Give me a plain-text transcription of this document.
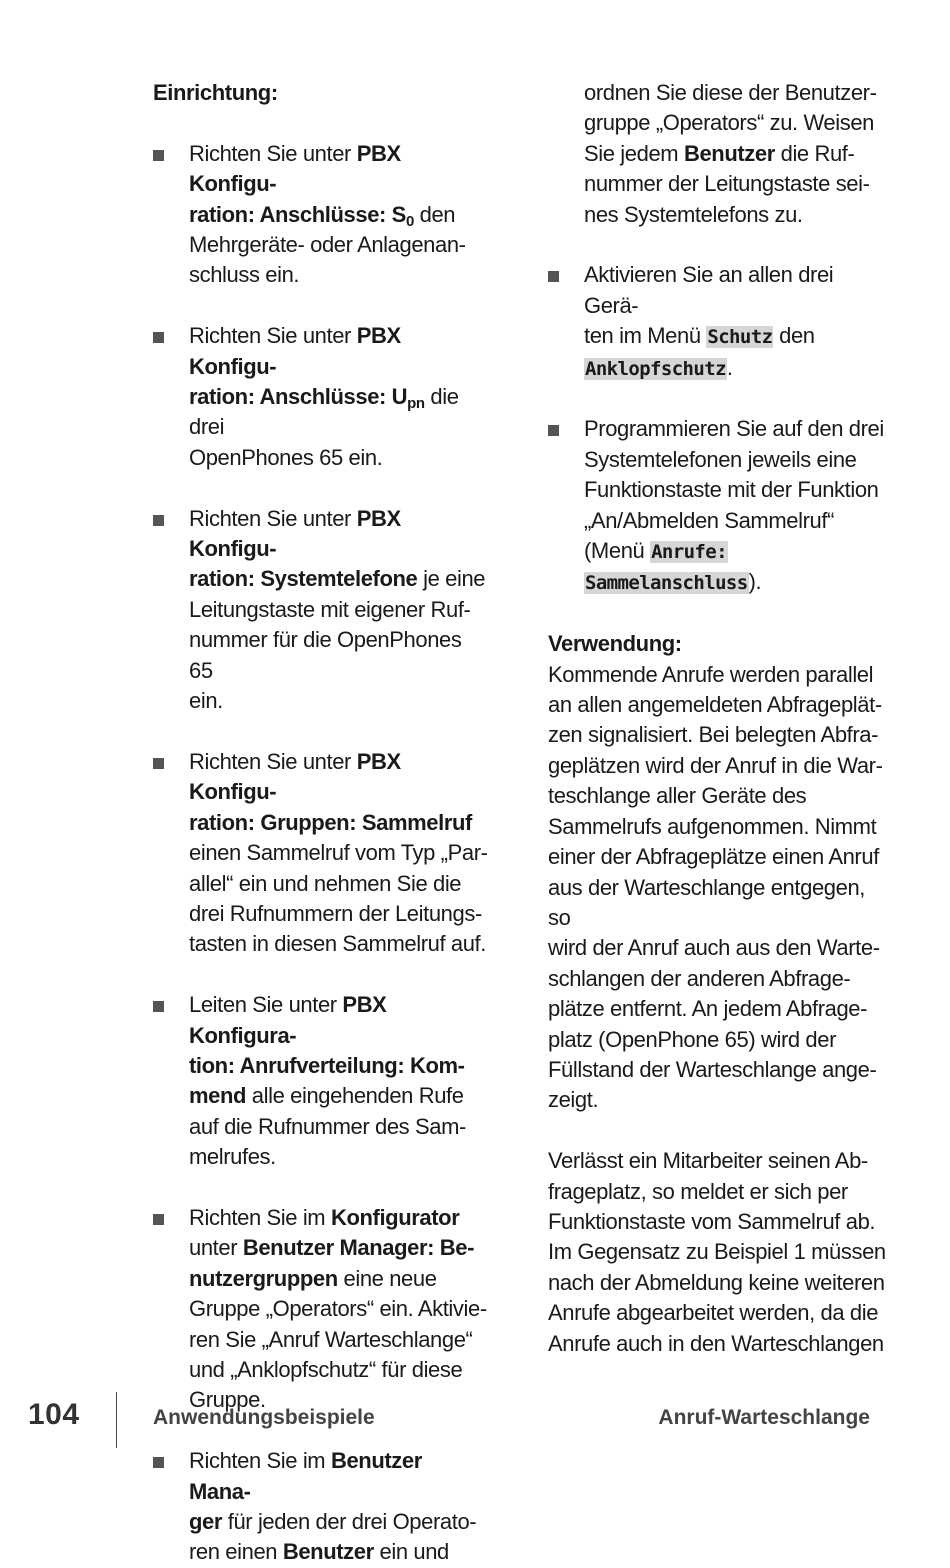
Einrichtung:
Richten Sie unter PBX Konfigu-
ration: Anschlüsse: $S_0$ den
Mehrgeräte- oder Anlagenan-
schluss ein.
Richten Sie unter PBX Konfigu-
ration: Anschlüsse: $U_{pn}$ die drei
OpenPhones 65 ein.
Richten Sie unter PBX Konfigu-
ration: Systemtelefone je eine
Leitungstaste mit eigener Ruf-
nummer für die OpenPhones 65
ein.
Richten Sie unter PBX Konfigu-
ration: Gruppen: Sammelruf
einen Sammelruf vom Typ „Par-
allel“ ein und nehmen Sie die
drei Rufnummern der Leitungs-
tasten in diesen Sammelruf auf.
Leiten Sie unter PBX Konfigura-
tion: Anrufverteilung: Kom-
mend alle eingehenden Rufe
auf die Rufnummer des Sam-
melrufes.
Richten Sie im Konfigurator
unter Benutzer Manager: Be-
nutzergruppen eine neue
Gruppe „Operators“ ein. Aktivie-
ren Sie „Anruf Warteschlange“
und „Anklopfschutz“ für diese
Gruppe.
Richten Sie im Benutzer Mana-
ger für jeden der drei Operato-
ren einen Benutzer ein und
ordnen Sie diese der Benutzer-
gruppe „Operators“ zu. Weisen
Sie jedem Benutzer die Ruf-
nummer der Leitungstaste sei-
nes Systemtelefons zu.
Aktivieren Sie an allen drei Gerä-
ten im Menü Schutz den
Anklopfschutz.
Programmieren Sie auf den drei
Systemtelefonen jeweils eine
Funktionstaste mit der Funktion
„An/Abmelden Sammelruf“
(Menü Anrufe:
Sammelanschluss).
Verwendung:
Kommende Anrufe werden parallel
an allen angemeldeten Abfrageplät-
zen signalisiert. Bei belegten Abfra-
geplätzen wird der Anruf in die War-
teschlange aller Geräte des
Sammelrufs aufgenommen. Nimmt
einer der Abfrageplätze einen Anruf
aus der Warteschlange entgegen, so
wird der Anruf auch aus den Warte-
schlangen der anderen Abfrage-
plätze entfernt. An jedem Abfrage-
platz (OpenPhone 65) wird der
Füllstand der Warteschlange ange-
zeigt.
Verlässt ein Mitarbeiter seinen Ab-
frageplatz, so meldet er sich per
Funktionstaste vom Sammelruf ab.
Im Gegensatz zu Beispiel 1 müssen
nach der Abmeldung keine weiteren
Anrufe abgearbeitet werden, da die
Anrufe auch in den Warteschlangen
104	Anwendungsbeispiele	Anruf-Warteschlange
